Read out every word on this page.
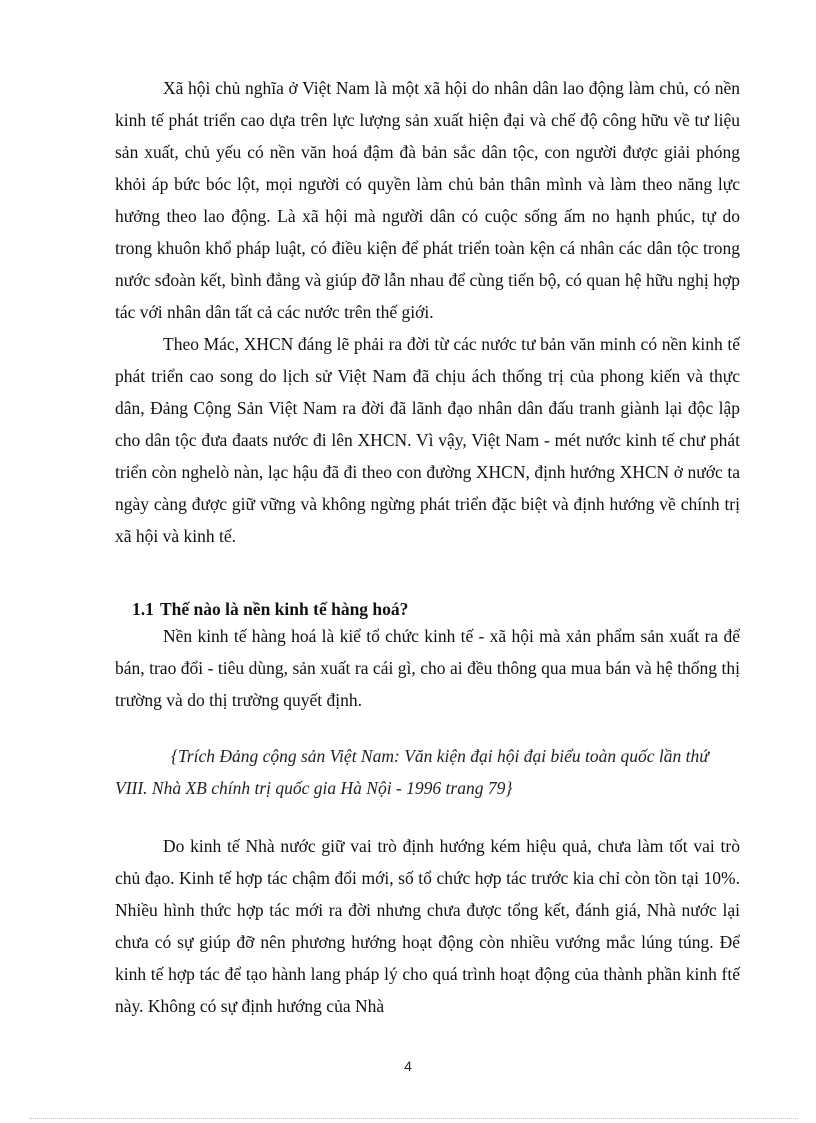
Xã hội chủ nghĩa ở Việt Nam là một xã hội do nhân dân lao động làm chủ, có nền kinh tế phát triển cao dựa trên lực lượng sản xuất hiện đại và chế độ công hữu về tư liệu sản xuất, chủ yếu có nền văn hoá đậm đà bản sắc dân tộc, con người được giải phóng khỏi áp bức bóc lột, mọi người có quyền làm chủ bản thân mình và làm theo năng lực hưởng theo lao động. Là xã hội mà người dân có cuộc sống ấm no hạnh phúc, tự do trong khuôn khổ pháp luật, có điều kiện để phát triển toàn kện cá nhân các dân tộc trong nước sđoàn kết, bình đẳng và giúp đỡ lẫn nhau để cùng tiến bộ, có quan hệ hữu nghị hợp tác với nhân dân tất cả các nước trên thế giới.

Theo Mác, XHCN đáng lẽ phải ra đời từ các nước tư bản văn minh có nền kinh tế phát triển cao song do lịch sử Việt Nam đã chịu ách thống trị của phong kiến và thực dân, Đảng Cộng Sản Việt Nam ra đời đã lãnh đạo nhân dân đấu tranh giành lại độc lập cho dân tộc đưa đaats nước đi lên XHCN. Vì vậy, Việt Nam - mét nước kinh tế chư phát triển còn nghelò nàn, lạc hậu đã đi theo con đường XHCN, định hướng XHCN ở nước ta ngày càng được giữ vững và không ngừng phát triển đặc biệt và định hướng về chính trị xã hội và kinh tế.

1.1 Thế nào là nền kinh tế hàng hoá?

Nền kinh tế hàng hoá là kiể tổ chức kinh tế - xã hội mà xản phẩm sản xuất ra để bán, trao đổi - tiêu dùng, sản xuất ra cái gì, cho ai đều thông qua mua bán và hệ thống thị trường và do thị trường quyết định.

{Trích Đảng cộng sản Việt Nam: Văn kiện đại hội đại biểu toàn quốc lần thứ VIII. Nhà XB chính trị quốc gia Hà Nội - 1996 trang 79}

Do kinh tế Nhà nước giữ vai trò định hướng kém hiệu quả, chưa làm tốt vai trò chủ đạo. Kinh tế hợp tác chậm đổi mới, số tổ chức hợp tác trước kia chỉ còn tồn tại 10%. Nhiều hình thức hợp tác mới ra đời nhưng chưa được tổng kết, đánh giá, Nhà nước lại chưa có sự giúp đỡ nên phương hướng hoạt động còn nhiều vướng mắc lúng túng. Để kinh tế hợp tác để tạo hành lang pháp lý cho quá trình hoạt động của thành phần kinh ftế này. Không có sự định hướng của Nhà

4
